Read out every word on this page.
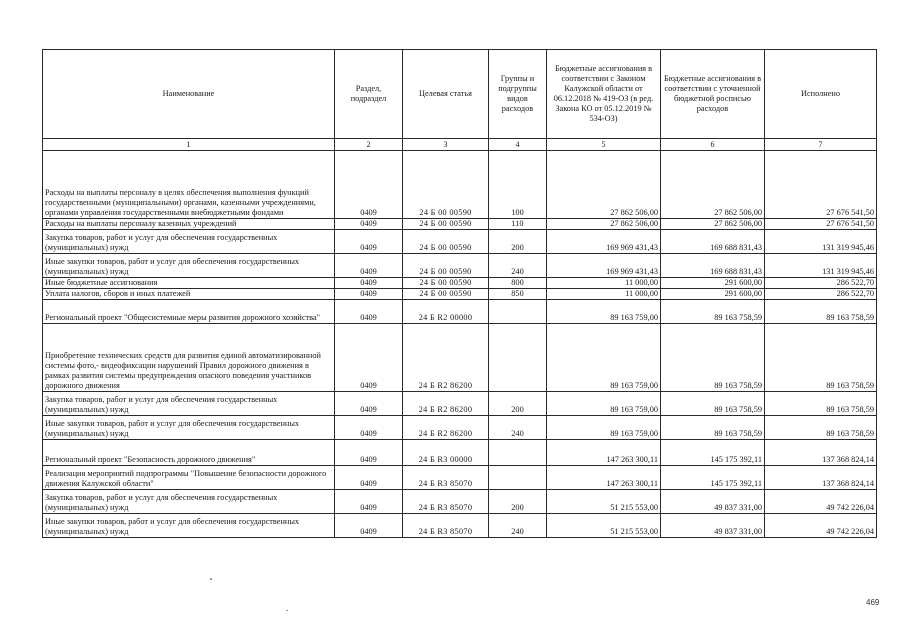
Наименование	Раздел, подраздел	Целевая статья	Группы и подгруппы видов расходов	Бюджетные ассигнования в соответствии с Законом Калужской области от 06.12.2018 № 419-ОЗ (в ред. Закона КО от 05.12.2019 № 534-ОЗ)	Бюджетные ассигнования в соответствии с уточненной бюджетной росписью расходов	Исполнено
1	2	3	4	5	6	7
Расходы на выплаты персоналу в целях обеспечения выполнения функций государственными (муниципальными) органами, казенными учреждениями, органами управления государственными внебюджетными фондами	0409	24 Б 00 00590	100	27 862 506,00	27 862 506,00	27 676 541,50
Расходы на выплаты персоналу казенных учреждений	0409	24 Б 00 00590	110	27 862 506,00	27 862 506,00	27 676 541,50
Закупка товаров, работ и услуг для обеспечения государственных (муниципальных) нужд	0409	24 Б 00 00590	200	169 969 431,43	169 688 831,43	131 319 945,46
Иные закупки товаров, работ и услуг для обеспечения государственных (муниципальных) нужд	0409	24 Б 00 00590	240	169 969 431,43	169 688 831,43	131 319 945,46
Иные бюджетные ассигнования	0409	24 Б 00 00590	800	11 000,00	291 600,00	286 522,70
Уплата налогов, сборов и иных платежей	0409	24 Б 00 00590	850	11 000,00	291 600,00	286 522,70
Региональный проект "Общесистемные меры развития дорожного хозяйства"	0409	24 Б R2 00000		89 163 759,00	89 163 758,59	89 163 758,59
Приобретение технических средств для развития единой автоматизированной системы фото,- видеофиксации нарушений Правил дорожного движения в рамках развития системы предупреждения опасного поведения участников дорожного движения	0409	24 Б R2 86200		89 163 759,00	89 163 758,59	89 163 758,59
Закупка товаров, работ и услуг для обеспечения государственных (муниципальных) нужд	0409	24 Б R2 86200	200	89 163 759,00	89 163 758,59	89 163 758,59
Иные закупки товаров, работ и услуг для обеспечения государственных (муниципальных) нужд	0409	24 Б R2 86200	240	89 163 759,00	89 163 758,59	89 163 758,59
Региональный проект "Безопасность дорожного движения"	0409	24 Б R3 00000		147 263 300,11	145 175 392,11	137 368 824,14
Реализация мероприятий подпрограммы "Повышение безопасности дорожного движения Калужской области"	0409	24 Б R3 85070		147 263 300,11	145 175 392,11	137 368 824,14
Закупка товаров, работ и услуг для обеспечения государственных (муниципальных) нужд	0409	24 Б R3 85070	200	51 215 553,00	49 837 331,00	49 742 226,04
Иные закупки товаров, работ и услуг для обеспечения государственных (муниципальных) нужд	0409	24 Б R3 85070	240	51 215 553,00	49 837 331,00	49 742 226,04
469
